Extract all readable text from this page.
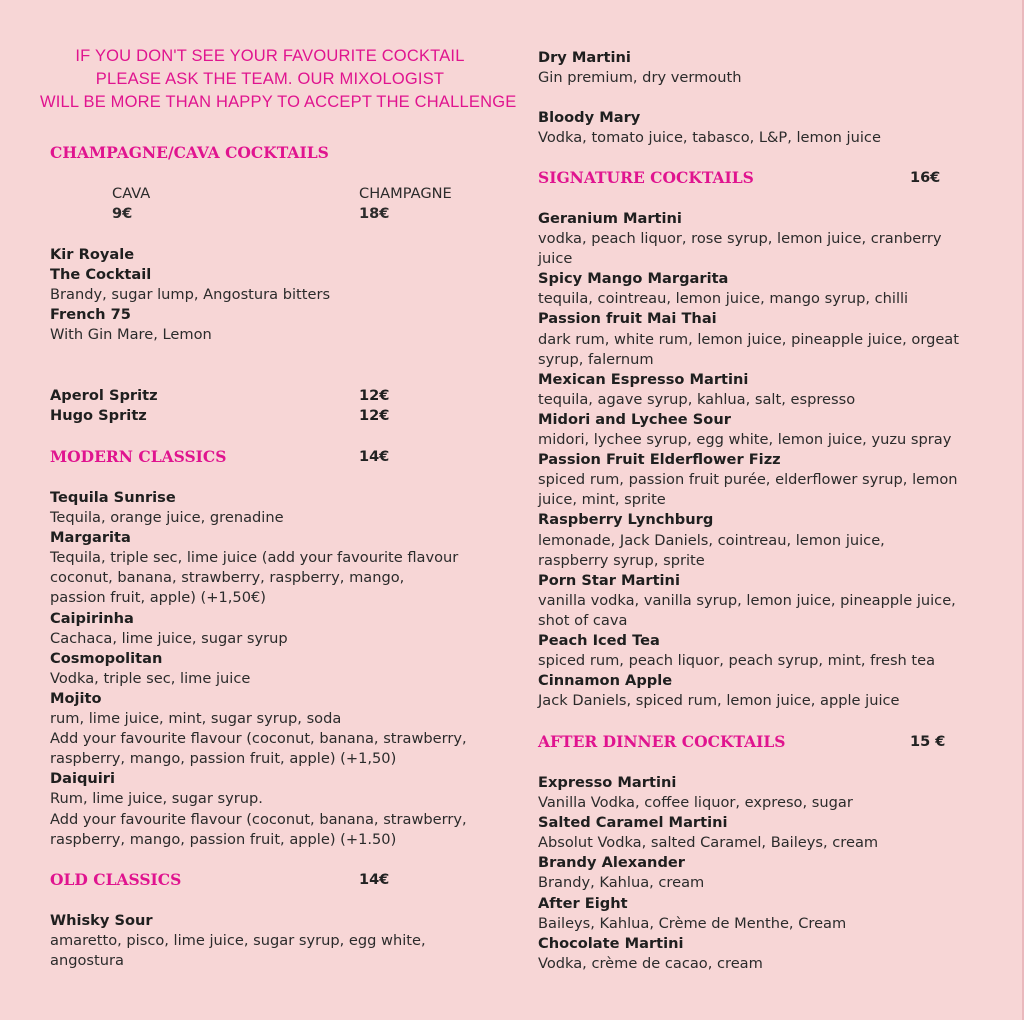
IF YOU DON'T SEE YOUR FAVOURITE COCKTAIL
PLEASE ASK THE TEAM. OUR MIXOLOGIST
WILL BE MORE THAN HAPPY TO ACCEPT THE CHALLENGE
CHAMPAGNE/CAVA COCKTAILS
CAVA	CHAMPAGNE
9€	18€
Kir Royale
The Cocktail
Brandy, sugar lump, Angostura bitters
French 75
With Gin Mare, Lemon
Aperol Spritz	12€
Hugo Spritz	12€
MODERN CLASSICS	14€
Tequila Sunrise
Tequila, orange juice, grenadine
Margarita
Tequila, triple sec, lime juice (add your favourite flavour
coconut, banana, strawberry, raspberry, mango,
passion fruit, apple) (+1,50€)
Caipirinha
Cachaca, lime juice, sugar syrup
Cosmopolitan
Vodka, triple sec, lime juice
Mojito
rum, lime juice, mint, sugar syrup, soda
Add your favourite flavour (coconut, banana, strawberry,
raspberry, mango, passion fruit, apple) (+1,50)
Daiquiri
Rum, lime juice, sugar syrup.
Add your favourite flavour (coconut, banana, strawberry,
raspberry, mango, passion fruit, apple) (+1.50)
OLD CLASSICS	14€
Whisky Sour
amaretto, pisco, lime juice, sugar syrup, egg white,
angostura
Dry Martini
Gin premium, dry vermouth
Bloody Mary
Vodka, tomato juice, tabasco, L&P, lemon juice
SIGNATURE COCKTAILS	16€
Geranium Martini
vodka, peach liquor, rose syrup, lemon juice, cranberry
juice
Spicy Mango Margarita
tequila, cointreau, lemon juice, mango syrup, chilli
Passion fruit Mai Thai
dark rum, white rum, lemon juice, pineapple juice, orgeat
syrup, falernum
Mexican Espresso Martini
tequila, agave syrup, kahlua, salt, espresso
Midori and Lychee Sour
midori, lychee syrup, egg white, lemon juice, yuzu spray
Passion Fruit Elderflower Fizz
spiced rum, passion fruit purée, elderflower syrup, lemon
juice, mint, sprite
Raspberry Lynchburg
lemonade, Jack Daniels, cointreau, lemon juice,
raspberry syrup, sprite
Porn Star Martini
vanilla vodka, vanilla syrup, lemon juice, pineapple juice,
shot of cava
Peach Iced Tea
spiced rum, peach liquor, peach syrup, mint, fresh tea
Cinnamon Apple
Jack Daniels, spiced rum, lemon juice, apple juice
AFTER DINNER COCKTAILS	15 €
Expresso Martini
Vanilla Vodka, coffee liquor, expreso, sugar
Salted Caramel Martini
Absolut Vodka, salted Caramel, Baileys, cream
Brandy Alexander
Brandy, Kahlua, cream
After Eight
Baileys, Kahlua, Crème de Menthe, Cream
Chocolate Martini
Vodka, crème de cacao, cream
